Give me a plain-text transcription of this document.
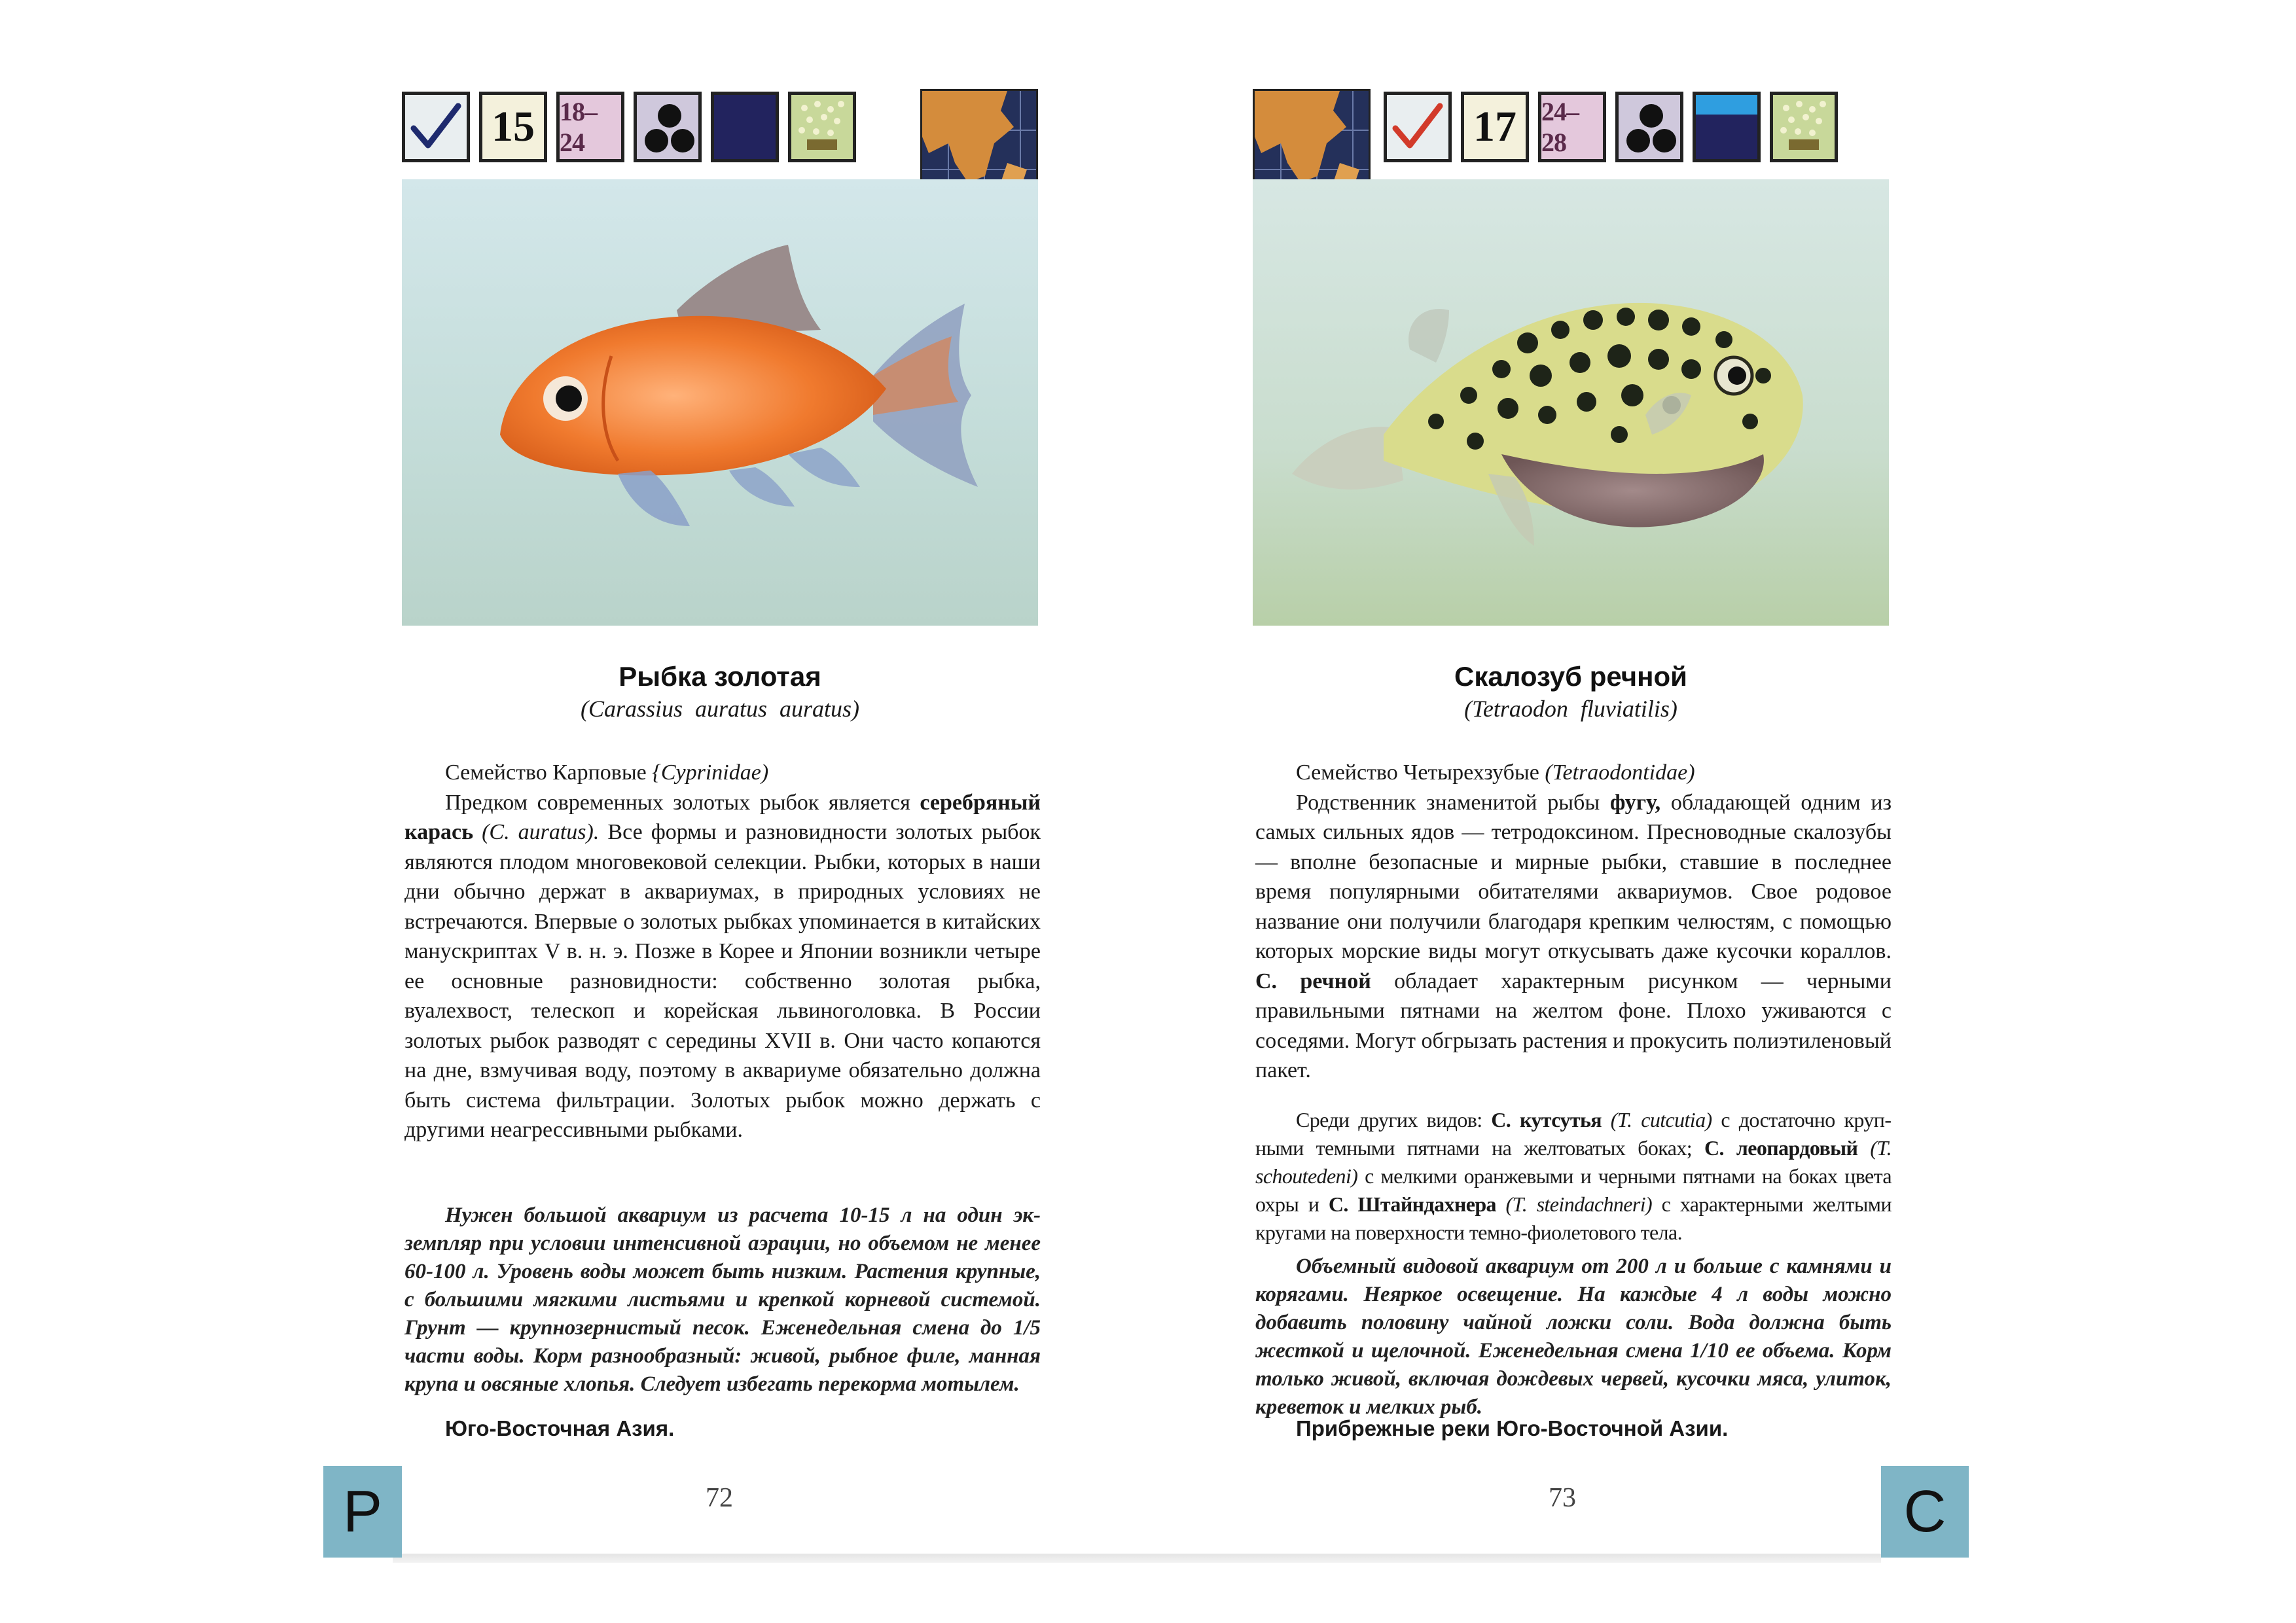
15 18–24
Рыбка золотая
(Carassius auratus auratus)

Семейство Карповые {Cyprinidae)

Предком современных золотых рыбок является серебряный карась (С. auratus). Все формы и разновидности золотых рыбок являются плодом многовековой селекции. Рыбки, которых в наши дни обычно держат в аквариумах, в природных условиях не встречаются. Впервые о золотых рыбках упоминается в китайских манускриптах V в. н. э. Позже в Корее и Японии возникли четыре ее основные разновидности: собственно золотая рыбка, вуалехвост, телескоп и корейская львиноголовка. В России золотых рыбок разводят с середины XVII в. Они часто копаются на дне, взмучивая воду, поэтому в аквариуме обязательно должна быть система фильтрации. Золотых рыбок можно держать с другими неагрессивными рыбками.

Нужен большой аквариум из расчета 10-15 л на один экземпляр при условии интенсивной аэрации, но объемом не менее 60-100 л. Уровень воды может быть низким. Растения крупные, с большими мягкими листьями и крепкой корневой системой. Грунт — крупнозернистый песок. Еженeдельная смена до 1/5 части воды. Корм разнообразный: живой, рыбное филе, манная крупа и овсяные хлопья. Следует избегать перекорма мотылем.

Юго-Восточная Азия.
72
Р
17 24–28
Скалозуб речной
(Tetraodon fluviatilis)

Семейство Четырехзубые (Tetraodontidae)

Родственник знаменитой рыбы фугу, обладающей одним из самых сильных ядов — тетродоксином. Пресноводные скалозубы — вполне безопасные и мирные рыбки, ставшие в последнее время популярными обитателями аквариумов. Свое родовое название они получили благодаря крепким челюстям, с помощью которых морские виды могут откусывать даже кусочки кораллов. С. речной обладает характерным рисунком — черными правильными пятнами на желтом фоне. Плохо уживаются с соседями. Могут обгрызать растения и прокусить полиэтиленовый пакет.

Среди других видов: С. кутсутья (Т. cutcutia) с достаточно крупными темными пятнами на желтоватых боках; С. леопардовый (Т. schoutedeni) с мелкими оранжевыми и черными пятнами на боках цвета охры и С. Штайндахнера (Т. steindachneri) с характерными желтыми кругами на поверхности темно-фиолетового тела.

Объемный видовой аквариум от 200 л и больше с камнями и корягами. Неяркое освещение. На каждые 4 л воды можно добавить половину чайной ложки соли. Вода должна быть жесткой и щелочной. Еженедельная смена 1/10 ее объема. Корм только живой, включая дождевых червей, кусочки мяса, улиток, креветок и мелких рыб.

Прибрежные реки Юго-Восточной Азии.
73	С
